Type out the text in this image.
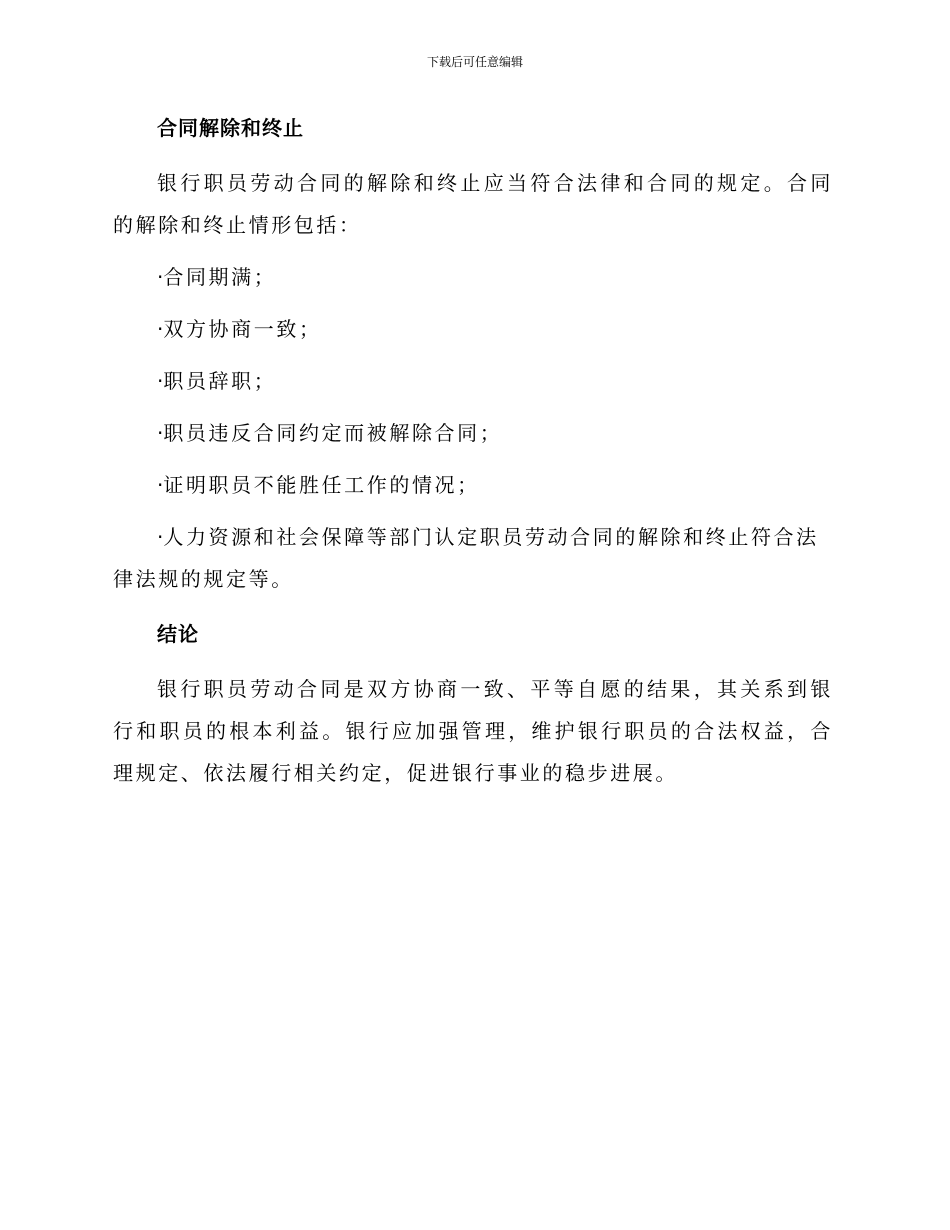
下载后可任意编辑
合同解除和终止

银行职员劳动合同的解除和终止应当符合法律和合同的规定。合同的解除和终止情形包括：

·合同期满；

·双方协商一致；

·职员辞职；

·职员违反合同约定而被解除合同；

·证明职员不能胜任工作的情况；

·人力资源和社会保障等部门认定职员劳动合同的解除和终止符合法律法规的规定等。

结论

银行职员劳动合同是双方协商一致、平等自愿的结果，其关系到银行和职员的根本利益。银行应加强管理，维护银行职员的合法权益，合理规定、依法履行相关约定，促进银行事业的稳步进展。
